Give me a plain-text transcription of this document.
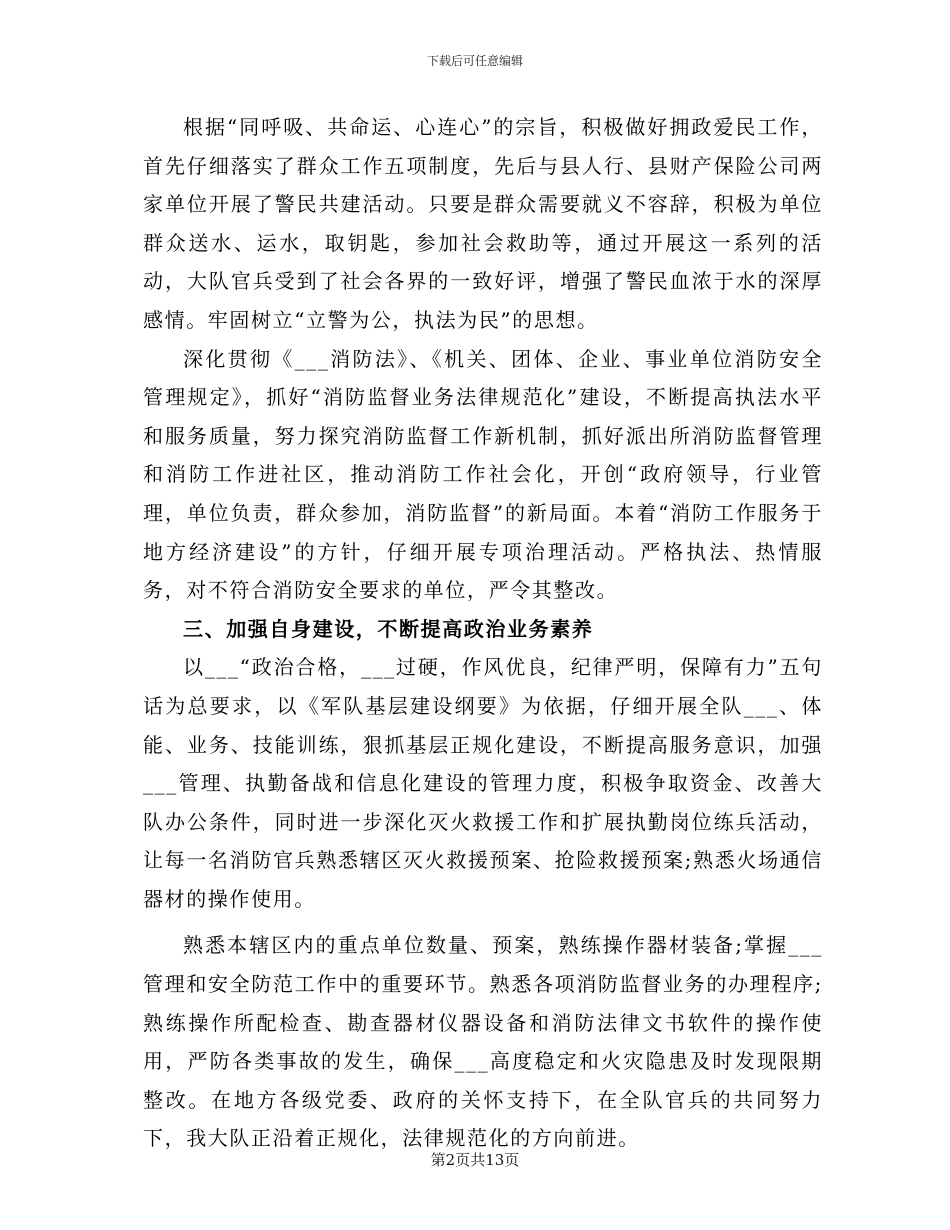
下载后可任意编辑

根据“同呼吸、共命运、心连心”的宗旨，积极做好拥政爱民工作，首先仔细落实了群众工作五项制度，先后与县人行、县财产保险公司两家单位开展了警民共建活动。只要是群众需要就义不容辞，积极为单位群众送水、运水，取钥匙，参加社会救助等，通过开展这一系列的活动，大队官兵受到了社会各界的一致好评，增强了警民血浓于水的深厚感情。牢固树立“立警为公，执法为民”的思想。

深化贯彻《___消防法》、《机关、团体、企业、事业单位消防安全管理规定》，抓好“消防监督业务法律规范化”建设，不断提高执法水平和服务质量，努力探究消防监督工作新机制，抓好派出所消防监督管理和消防工作进社区，推动消防工作社会化，开创“政府领导，行业管理，单位负责，群众参加，消防监督”的新局面。本着“消防工作服务于地方经济建设”的方针，仔细开展专项治理活动。严格执法、热情服务，对不符合消防安全要求的单位，严令其整改。

三、加强自身建设，不断提高政治业务素养

以___“政治合格，___过硬，作风优良，纪律严明，保障有力”五句话为总要求，以《军队基层建设纲要》为依据，仔细开展全队___、体能、业务、技能训练，狠抓基层正规化建设，不断提高服务意识，加强___管理、执勤备战和信息化建设的管理力度，积极争取资金、改善大队办公条件，同时进一步深化灭火救援工作和扩展执勤岗位练兵活动，让每一名消防官兵熟悉辖区灭火救援预案、抢险救援预案;熟悉火场通信器材的操作使用。

熟悉本辖区内的重点单位数量、预案，熟练操作器材装备;掌握___管理和安全防范工作中的重要环节。熟悉各项消防监督业务的办理程序;熟练操作所配检查、勘查器材仪器设备和消防法律文书软件的操作使用，严防各类事故的发生，确保___高度稳定和火灾隐患及时发现限期整改。在地方各级党委、政府的关怀支持下，在全队官兵的共同努力下，我大队正沿着正规化，法律规范化的方向前进。

第2页共13页
